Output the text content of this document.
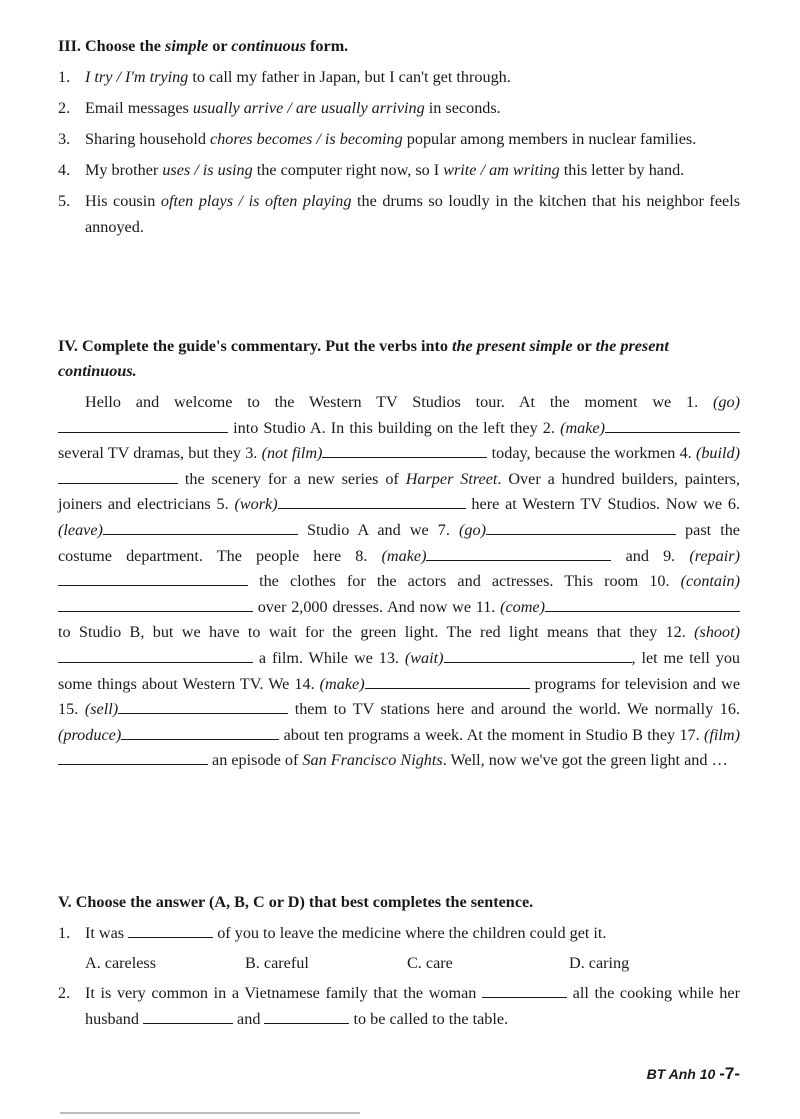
III. Choose the simple or continuous form.

1. I try / I'm trying to call my father in Japan, but I can't get through.
2. Email messages usually arrive / are usually arriving in seconds.
3. Sharing household chores becomes / is becoming popular among members in nuclear families.
4. My brother uses / is using the computer right now, so I write / am writing this letter by hand.
5. His cousin often plays / is often playing the drums so loudly in the kitchen that his neighbor feels annoyed.

IV. Complete the guide's commentary. Put the verbs into the present simple or the present continuous.

Hello and welcome to the Western TV Studios tour. At the moment we 1. (go) into Studio A. In this building on the left they 2. (make) several TV dramas, but they 3. (not film)	today, because the workmen 4. (build) the scenery for a new series of Harper Street. Over a hundred builders, painters, joiners and electricians 5. (work)	here at Western TV Studios. Now we 6. (leave)	Studio A and we 7. (go)	past the costume department. The people here 8. (make)	and 9. (repair) the clothes for the actors and actresses. This room 10. (contain) over 2,000 dresses. And now we 11. (come) to Studio B, but we have to wait for the green light. The red light means that they 12. (shoot) a film. While we 13. (wait)	, let me tell you some things about Western TV. We 14. (make)	programs for television and we 15. (sell)	them to TV stations here and around the world. We normally 16. (produce)	about ten programs a week. At the moment in Studio B they 17. (film) an episode of San Francisco Nights. Well, now we've got the green light and …

V. Choose the answer (A, B, C or D) that best completes the sentence.

1. It was	of you to leave the medicine where the children could get it.
A. careless	B. careful	C. care	D. caring
2. It is very common in a Vietnamese family that the woman	all the cooking while her husband	and	to be called to the table.
BT Anh 10 -7-
